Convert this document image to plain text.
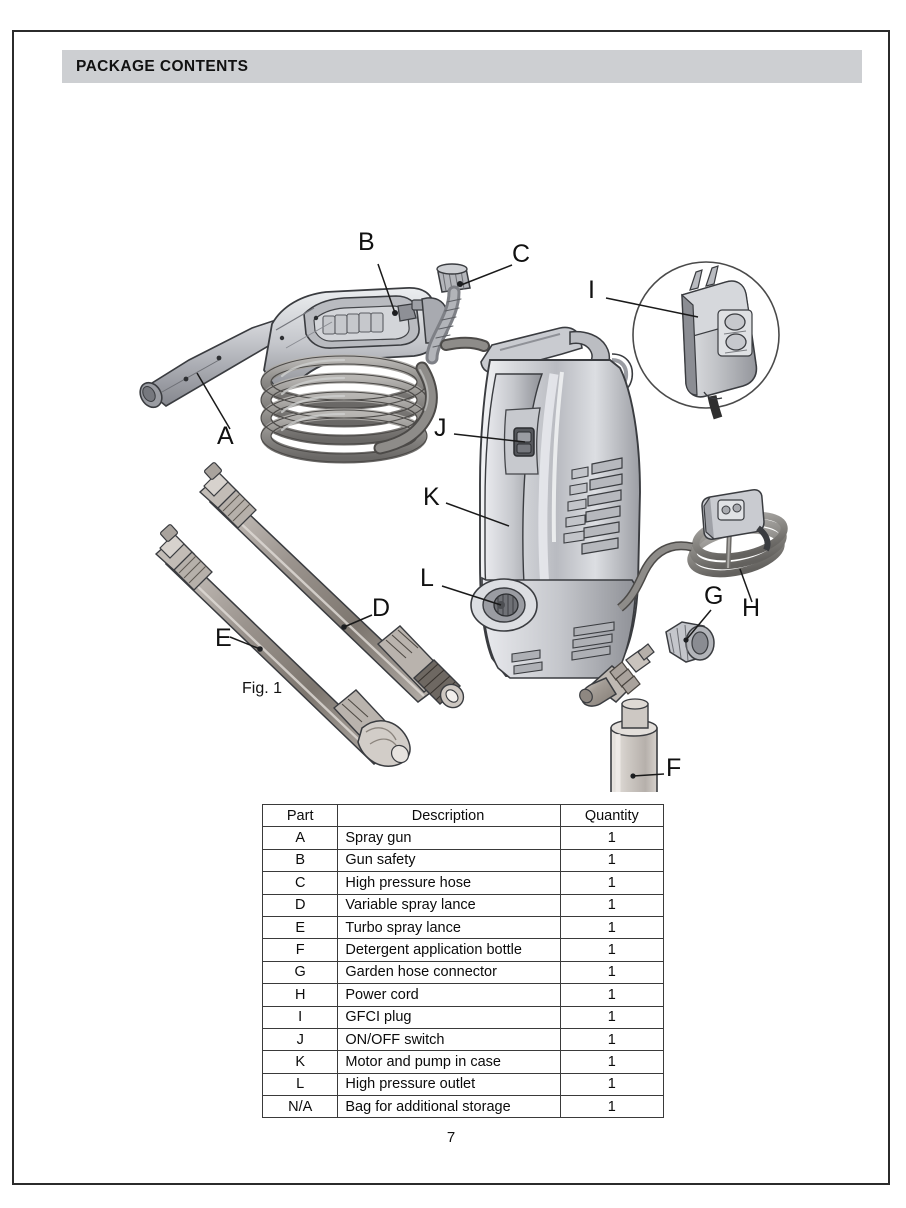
PACKAGE CONTENTS
A
B	C
D
E
F
G H
I
J
K
L
Fig. 1
Part	Description	Quantity
A	Spray gun	1
B	Gun safety	1
C	High pressure hose	1
D	Variable spray lance	1
E	Turbo spray lance	1
F	Detergent application bottle	1
G	Garden hose connector	1
H	Power cord	1
I	GFCI plug	1
J	ON/OFF switch	1
K	Motor and pump in case	1
L	High pressure outlet	1
N/A	Bag for additional storage	1
7
